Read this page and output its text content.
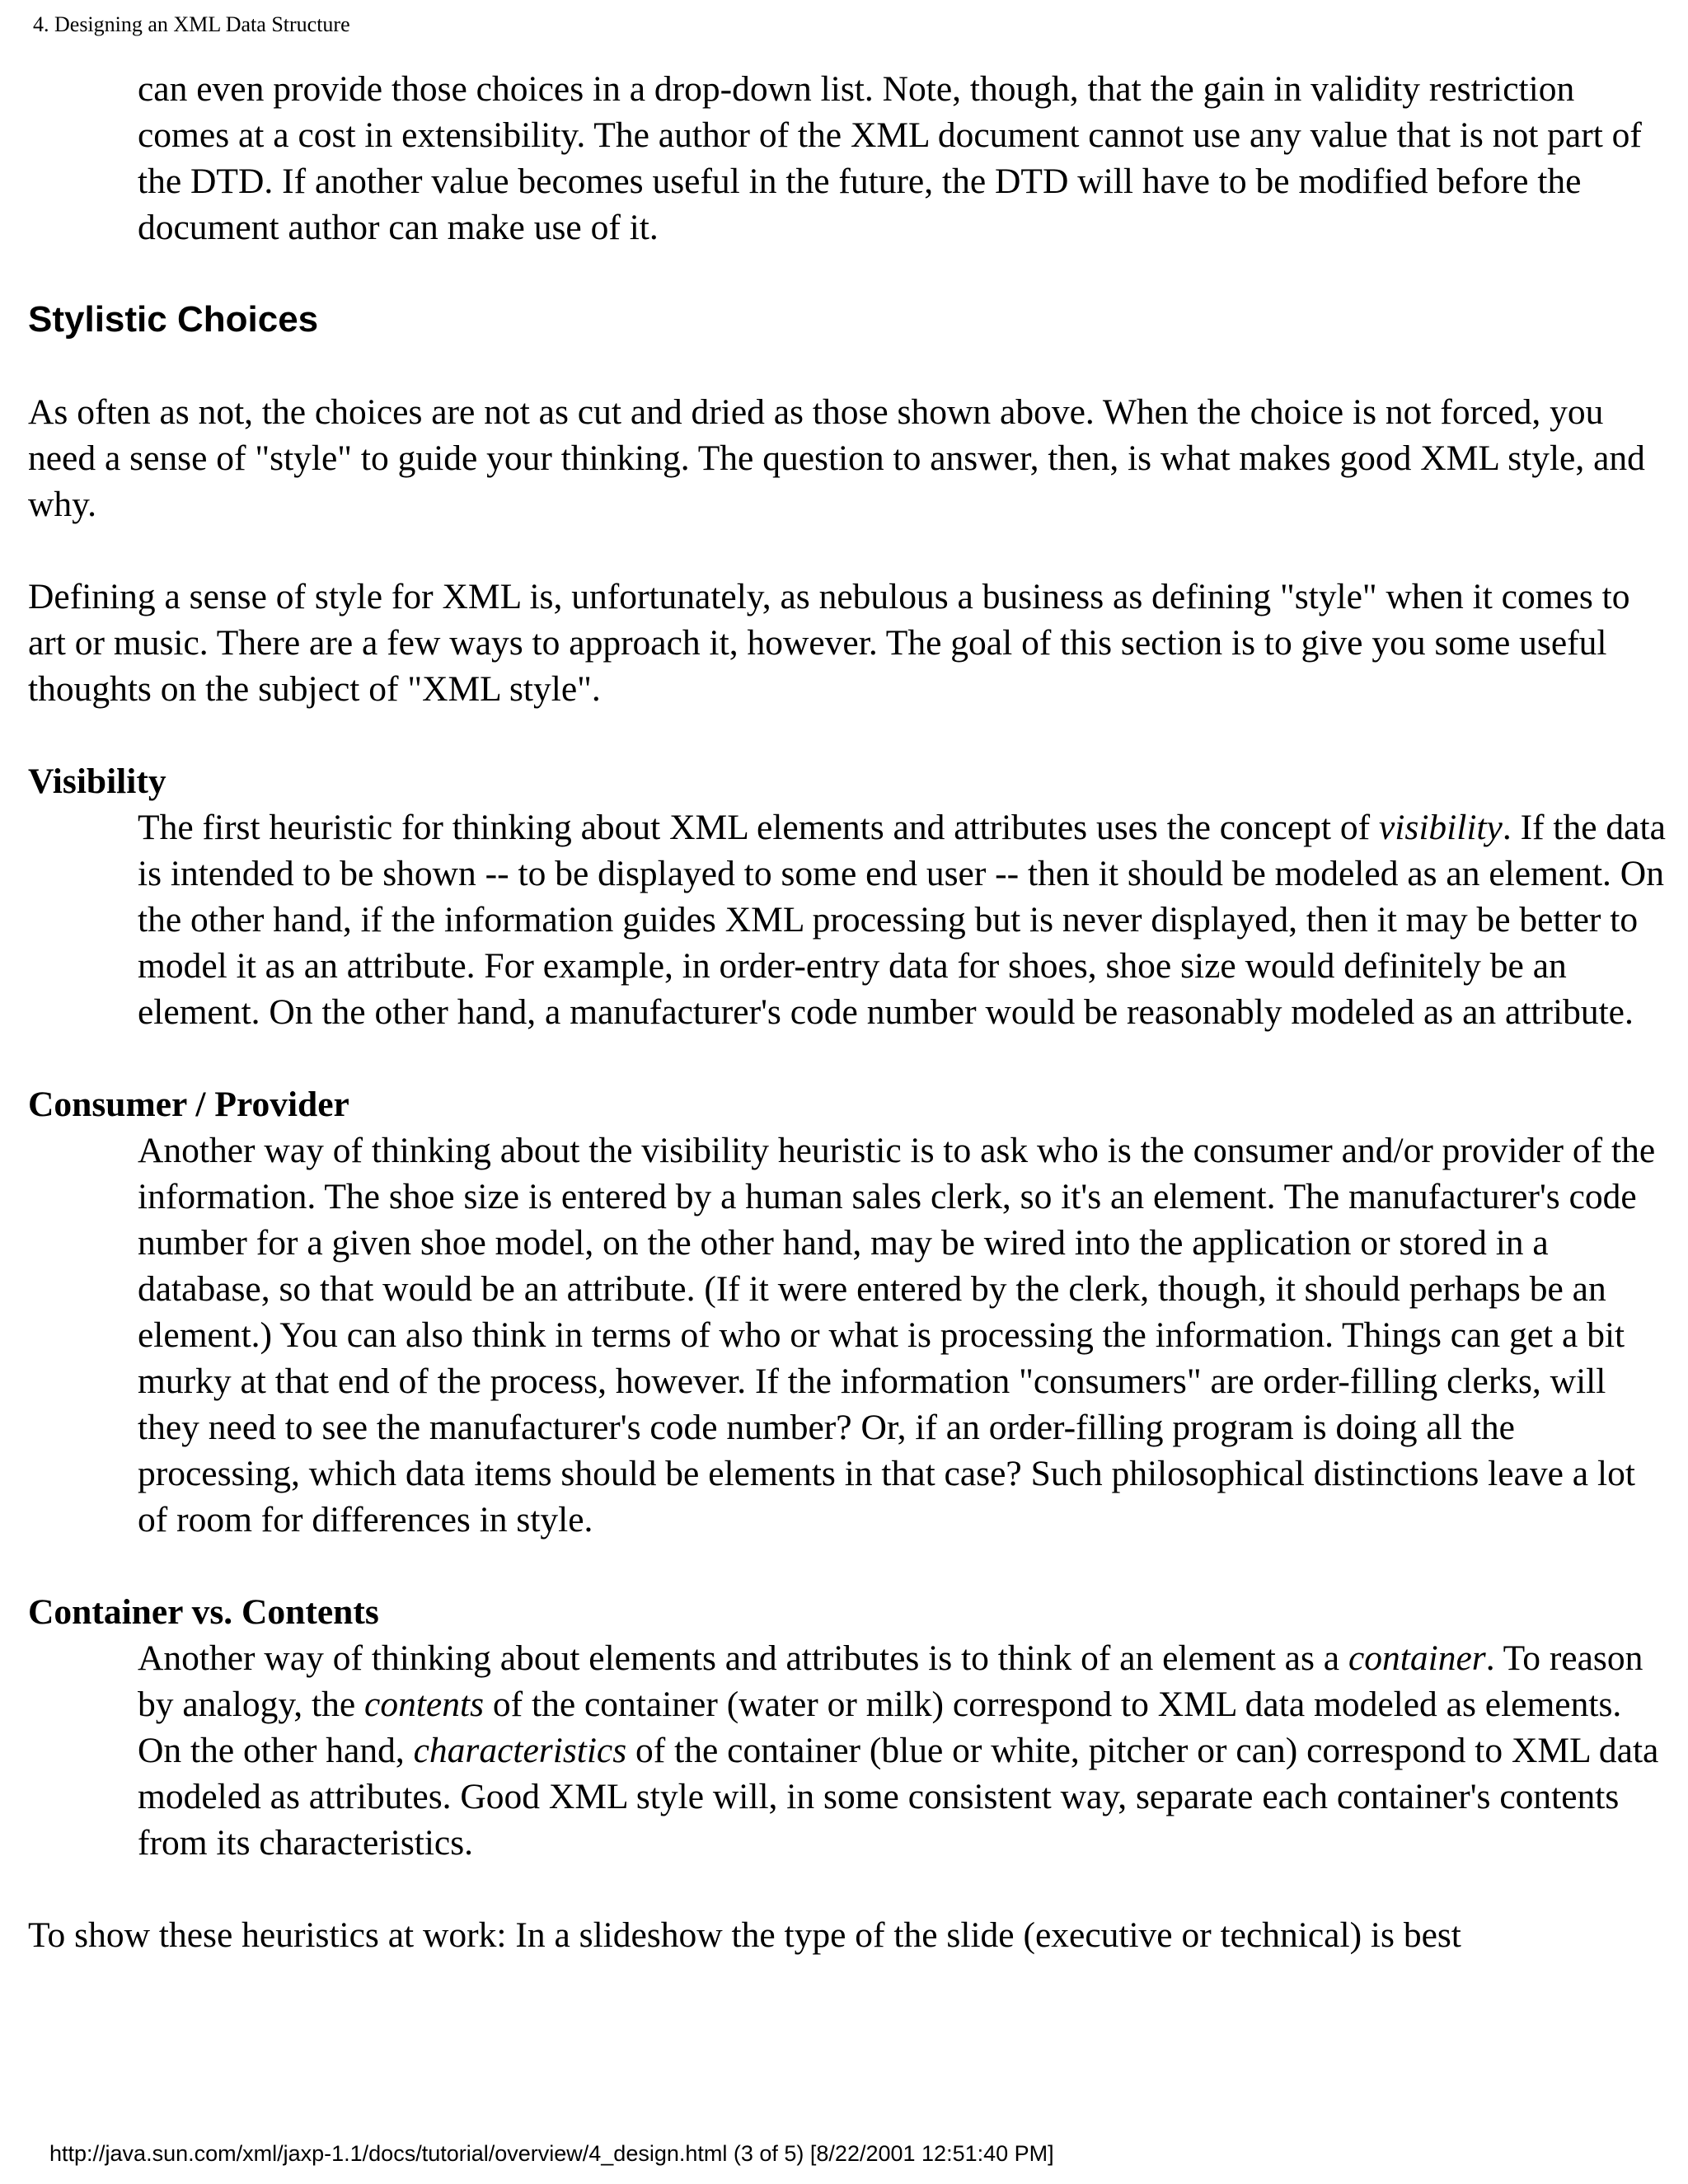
4. Designing an XML Data Structure

can even provide those choices in a drop-down list. Note, though, that the gain in validity restriction comes at a cost in extensibility. The author of the XML document cannot use any value that is not part of the DTD. If another value becomes useful in the future, the DTD will have to be modified before the document author can make use of it.

Stylistic Choices

As often as not, the choices are not as cut and dried as those shown above. When the choice is not forced, you need a sense of "style" to guide your thinking. The question to answer, then, is what makes good XML style, and why.

Defining a sense of style for XML is, unfortunately, as nebulous a business as defining "style" when it comes to art or music. There are a few ways to approach it, however. The goal of this section is to give you some useful thoughts on the subject of "XML style".

Visibility

The first heuristic for thinking about XML elements and attributes uses the concept of visibility. If the data is intended to be shown -- to be displayed to some end user -- then it should be modeled as an element. On the other hand, if the information guides XML processing but is never displayed, then it may be better to model it as an attribute. For example, in order-entry data for shoes, shoe size would definitely be an element. On the other hand, a manufacturer's code number would be reasonably modeled as an attribute.

Consumer / Provider

Another way of thinking about the visibility heuristic is to ask who is the consumer and/or provider of the information. The shoe size is entered by a human sales clerk, so it's an element. The manufacturer's code number for a given shoe model, on the other hand, may be wired into the application or stored in a database, so that would be an attribute. (If it were entered by the clerk, though, it should perhaps be an element.) You can also think in terms of who or what is processing the information. Things can get a bit murky at that end of the process, however. If the information "consumers" are order-filling clerks, will they need to see the manufacturer's code number? Or, if an order-filling program is doing all the processing, which data items should be elements in that case? Such philosophical distinctions leave a lot of room for differences in style.

Container vs. Contents

Another way of thinking about elements and attributes is to think of an element as a container. To reason by analogy, the contents of the container (water or milk) correspond to XML data modeled as elements. On the other hand, characteristics of the container (blue or white, pitcher or can) correspond to XML data modeled as attributes. Good XML style will, in some consistent way, separate each container's contents from its characteristics.

To show these heuristics at work: In a slideshow the type of the slide (executive or technical) is best

http://java.sun.com/xml/jaxp-1.1/docs/tutorial/overview/4_design.html (3 of 5) [8/22/2001 12:51:40 PM]
